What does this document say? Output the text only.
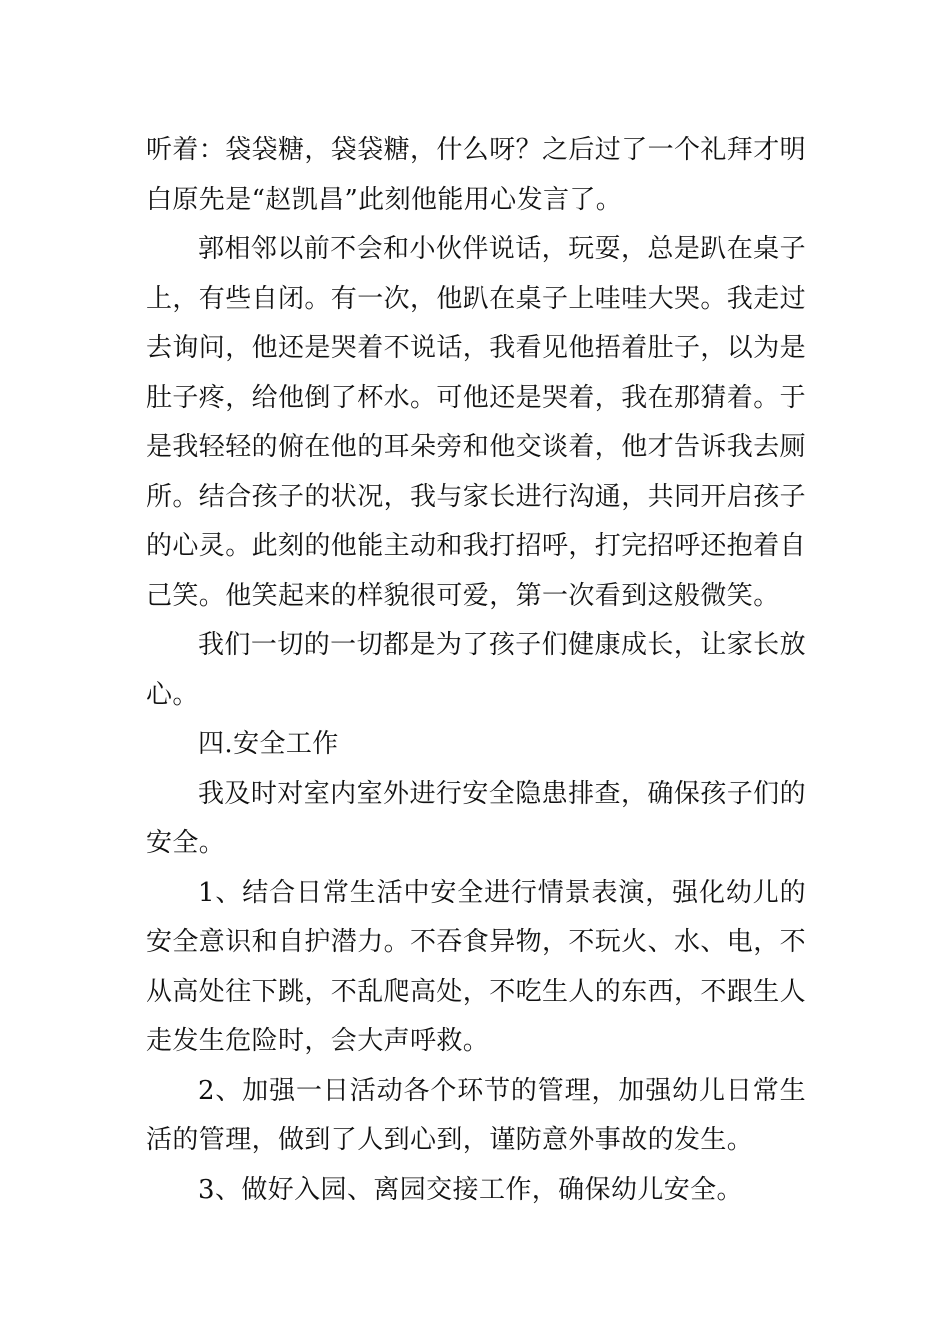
听着：袋袋糖，袋袋糖，什么呀？之后过了一个礼拜才明白原先是“赵凯昌”此刻他能用心发言了。

郭相邻以前不会和小伙伴说话，玩耍，总是趴在桌子上，有些自闭。有一次，他趴在桌子上哇哇大哭。我走过去询问，他还是哭着不说话，我看见他捂着肚子，以为是肚子疼，给他倒了杯水。可他还是哭着，我在那猜着。于是我轻轻的俯在他的耳朵旁和他交谈着，他才告诉我去厕所。结合孩子的状况，我与家长进行沟通，共同开启孩子的心灵。此刻的他能主动和我打招呼，打完招呼还抱着自己笑。他笑起来的样貌很可爱，第一次看到这般微笑。

我们一切的一切都是为了孩子们健康成长，让家长放心。

四.安全工作

我及时对室内室外进行安全隐患排查，确保孩子们的安全。

1、结合日常生活中安全进行情景表演，强化幼儿的安全意识和自护潜力。不吞食异物，不玩火、水、电，不从高处往下跳，不乱爬高处，不吃生人的东西，不跟生人走发生危险时，会大声呼救。

2、加强一日活动各个环节的管理，加强幼儿日常生活的管理，做到了人到心到，谨防意外事故的发生。

3、做好入园、离园交接工作，确保幼儿安全。
